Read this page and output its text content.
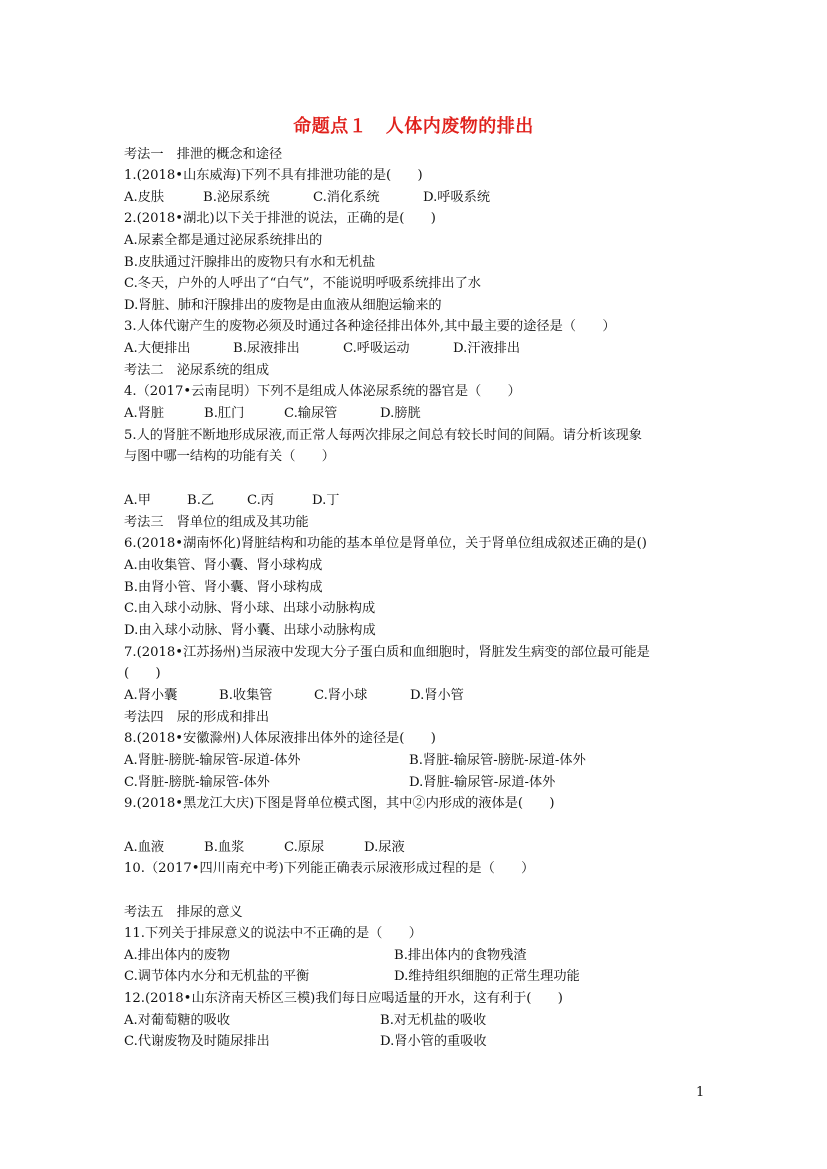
命题点１　人体内废物的排出
考法一　排泄的概念和途径
1.(2018•山东威海)下列不具有排泄功能的是(　　)
A.皮肤	B.泌尿系统	C.消化系统	D.呼吸系统
2.(2018•湖北)以下关于排泄的说法，正确的是(　　)
A.尿素全都是通过泌尿系统排出的
B.皮肤通过汗腺排出的废物只有水和无机盐
C.冬天，户外的人呼出了“白气”，不能说明呼吸系统排出了水
D.肾脏、肺和汗腺排出的废物是由血液从细胞运输来的
3.人体代谢产生的废物必须及时通过各种途径排出体外,其中最主要的途径是（　　）
A.大便排出	B.尿液排出	C.呼吸运动	D.汗液排出
考法二　泌尿系统的组成
4.（2017•云南昆明）下列不是组成人体泌尿系统的器官是（　　）
A.肾脏	B.肛门	C.输尿管	D.膀胱
5.人的肾脏不断地形成尿液,而正常人每两次排尿之间总有较长时间的间隔。请分析该现象
与图中哪一结构的功能有关（　　）
A.甲	B.乙 C.丙	D.丁
考法三　肾单位的组成及其功能
6.(2018•湖南怀化)肾脏结构和功能的基本单位是肾单位，关于肾单位组成叙述正确的是()
A.由收集管、肾小囊、肾小球构成
B.由肾小管、肾小囊、肾小球构成
C.由入球小动脉、肾小球、出球小动脉构成
D.由入球小动脉、肾小囊、出球小动脉构成
7.(2018•江苏扬州)当尿液中发现大分子蛋白质和血细胞时，肾脏发生病变的部位最可能是
(　　)
A.肾小囊	B.收集管	C.肾小球	D.肾小管
考法四　尿的形成和排出
8.(2018•安徽滁州)人体尿液排出体外的途径是(　　)
A.肾脏-膀胱-输尿管-尿道-体外	B.肾脏-输尿管-膀胱-尿道-体外
C.肾脏-膀胱-输尿管-体外	D.肾脏-输尿管-尿道-体外
9.(2018•黑龙江大庆)下图是肾单位模式图，其中②内形成的液体是(　　)
A.血液	B.血浆	C.原尿	D.尿液
10.（2017•四川南充中考)下列能正确表示尿液形成过程的是（　　）
考法五　排尿的意义
11.下列关于排尿意义的说法中不正确的是（　　）
A.排出体内的废物	B.排出体内的食物残渣
C.调节体内水分和无机盐的平衡	D.维持组织细胞的正常生理功能
12.(2018•山东济南天桥区三模)我们每日应喝适量的开水，这有利于(　　)
A.对葡萄糖的吸收	B.对无机盐的吸收
C.代谢废物及时随尿排出	D.肾小管的重吸收
1
